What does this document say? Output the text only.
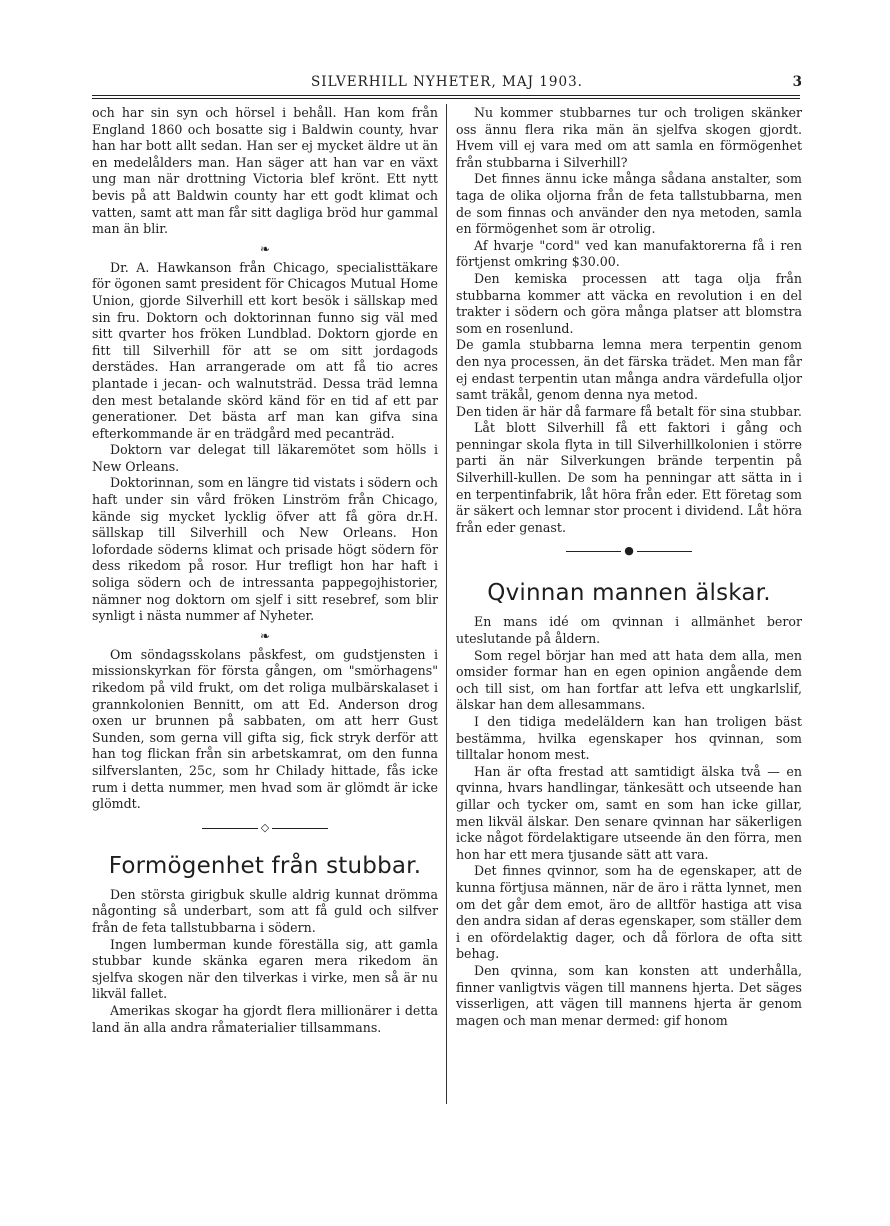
SILVERHILL NYHETER, MAJ 1903.	3

och har sin syn och hörsel i behåll. Han kom från England 1860 och bosatte sig i Baldwin county, hvar han har bott allt sedan. Han ser ej mycket äldre ut än en medelålders man. Han säger att han var en växt ung man när drottning Victoria blef krönt. Ett nytt bevis på att Baldwin county har ett godt klimat och vatten, samt att man får sitt dagliga bröd hur gammal man än blir.

❧

Dr. A. Hawkanson från Chicago, specialisttäkare för ögonen samt president för Chicagos Mutual Home Union, gjorde Silverhill ett kort besök i sällskap med sin fru. Doktorn och doktorinnan funno sig väl med sitt qvarter hos fröken Lundblad. Doktorn gjorde en fitt till Silverhill för att se om sitt jordagods derstädes. Han arrangerade om att få tio acres plantade i jecan- och walnutsträd. Dessa träd lemna den mest betalande skörd känd för en tid af ett par generationer. Det bästa arf man kan gifva sina efterkommande är en trädgård med pecanträd.

Doktorn var delegat till läkaremötet som hölls i New Orleans.

Doktorinnan, som en längre tid vistats i södern och haft under sin vård fröken Linström från Chicago, kände sig mycket lycklig öfver att få göra dr.H. sällskap till Silverhill och New Orleans. Hon lofordade söderns klimat och prisade högt södern för dess rikedom på rosor. Hur trefligt hon har haft i soliga södern och de intressanta pappegojhistorier, nämner nog doktorn om sjelf i sitt resebref, som blir synligt i nästa nummer af Nyheter.

❧

Om söndagsskolans påskfest, om gudstjensten i missionskyrkan för första gången, om "smörhagens" rikedom på vild frukt, om det roliga mulbärskalaset i grannkolonien Bennitt, om att Ed. Anderson drog oxen ur brunnen på sabbaten, om att herr Gust Sunden, som gerna vill gifta sig, fick stryk derför att han tog flickan från sin arbetskamrat, om den funna silfverslanten, 25c, som hr Chilady hittade, fås icke rum i detta nummer, men hvad som är glömdt är icke glömdt.

◇
Formögenhet från stubbar.

Den största girigbuk skulle aldrig kunnat drömma någonting så underbart, som att få guld och silfver från de feta tallstubbarna i södern.

Ingen lumberman kunde föreställa sig, att gamla stubbar kunde skänka egaren mera rikedom än sjelfva skogen när den tilverkas i virke, men så är nu likväl fallet.

Amerikas skogar ha gjordt flera millionärer i detta land än alla andra råmaterialier tillsammans.

Nu kommer stubbarnes tur och troligen skänker oss ännu flera rika män än sjelfva skogen gjordt. Hvem vill ej vara med om att samla en förmögenhet från stubbarna i Silverhill?

Det finnes ännu icke många sådana anstalter, som taga de olika oljorna från de feta tallstubbarna, men de som finnas och använder den nya metoden, samla en förmögenhet som är otrolig.

Af hvarje "cord" ved kan manufaktorerna få i ren förtjenst omkring $30.00.

Den kemiska processen att taga olja från stubbarna kommer att väcka en revolution i en del trakter i södern och göra många platser att blomstra som en rosenlund.

De gamla stubbarna lemna mera terpentin genom den nya processen, än det färska trädet. Men man får ej endast terpentin utan många andra värdefulla oljor samt träkål, genom denna nya metod.

Den tiden är här då farmare få betalt för sina stubbar.

Låt blott Silverhill få ett faktori i gång och penningar skola flyta in till Silverhillkolonien i större parti än när Silverkungen brände terpentin på Silverhill-kullen. De som ha penningar att sätta in i en terpentinfabrik, låt höra från eder. Ett företag som är säkert och lemnar stor procent i dividend. Låt höra från eder genast.

●
Qvinnan mannen älskar.

En mans idé om qvinnan i allmänhet beror uteslutande på åldern.

Som regel börjar han med att hata dem alla, men omsider formar han en egen opinion angående dem och till sist, om han fortfar att lefva ett ungkarlslif, älskar han dem allesammans.

I den tidiga medeläldern kan han troligen bäst bestämma, hvilka egenskaper hos qvinnan, som tilltalar honom mest.

Han är ofta frestad att samtidigt älska två — en qvinna, hvars handlingar, tänkesätt och utseende han gillar och tycker om, samt en som han icke gillar, men likväl älskar. Den senare qvinnan har säkerligen icke något fördelaktigare utseende än den förra, men hon har ett mera tjusande sätt att vara.

Det finnes qvinnor, som ha de egenskaper, att de kunna förtjusa männen, när de äro i rätta lynnet, men om det går dem emot, äro de alltför hastiga att visa den andra sidan af deras egenskaper, som ställer dem i en ofördelaktig dager, och då förlora de ofta sitt behag.

Den qvinna, som kan konsten att underhålla, finner vanligtvis vägen till mannens hjerta. Det säges visserligen, att vägen till mannens hjerta är genom magen och man menar dermed: gif honom
